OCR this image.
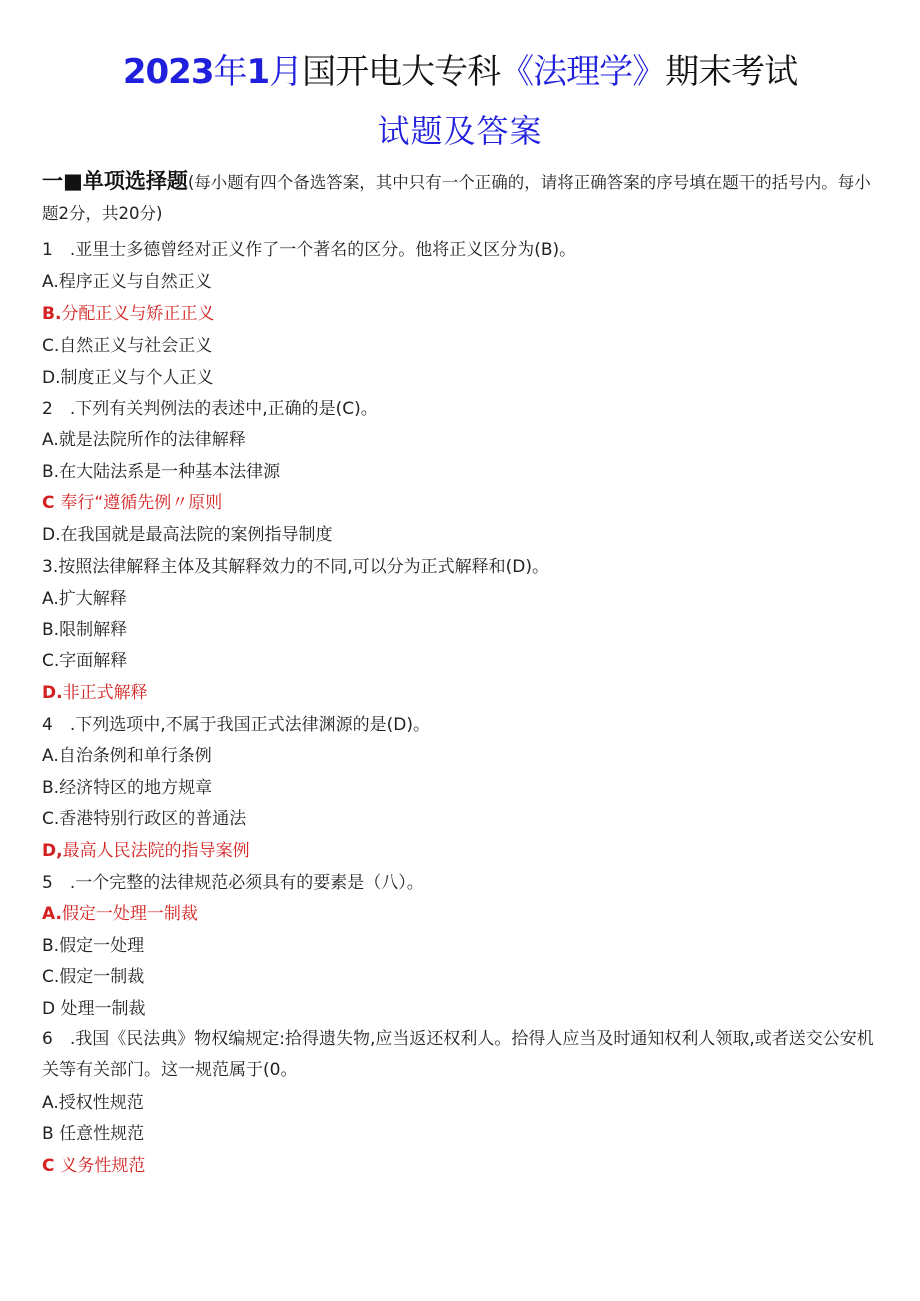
2023年1月国开电大专科《法理学》期末考试
试题及答案
一■单项选择题(每小题有四个备选答案，其中只有一个正确的，请将正确答案的序号填在题干的括号内。每小题2分，共20分)
1 .亚里士多德曾经对正义作了一个著名的区分。他将正义区分为(B)。
A.程序正义与自然正义
B.分配正义与矫正正义
C.自然正义与社会正义
D.制度正义与个人正义
2 .下列有关判例法的表述中,正确的是(C)。
A.就是法院所作的法律解释
B.在大陆法系是一种基本法律源
C 奉行“遵循先例〃原则
D.在我国就是最高法院的案例指导制度
3.按照法律解释主体及其解释效力的不同,可以分为正式解释和(D)。
A.扩大解释
B.限制解释
C.字面解释
D.非正式解释
4 .下列选项中,不属于我国正式法律渊源的是(D)。
A.自治条例和单行条例
B.经济特区的地方规章
C.香港特别行政区的普通法
D,最高人民法院的指导案例
5 .一个完整的法律规范必须具有的要素是（八）。
A.假定一处理一制裁
B.假定一处理
C.假定一制裁
D 处理一制裁
6 .我国《民法典》物权编规定:拾得遗失物,应当返还权利人。拾得人应当及时通知权利人领取,或者送交公安机关等有关部门。这一规范属于(0。
A.授权性规范
B 任意性规范
C 义务性规范
